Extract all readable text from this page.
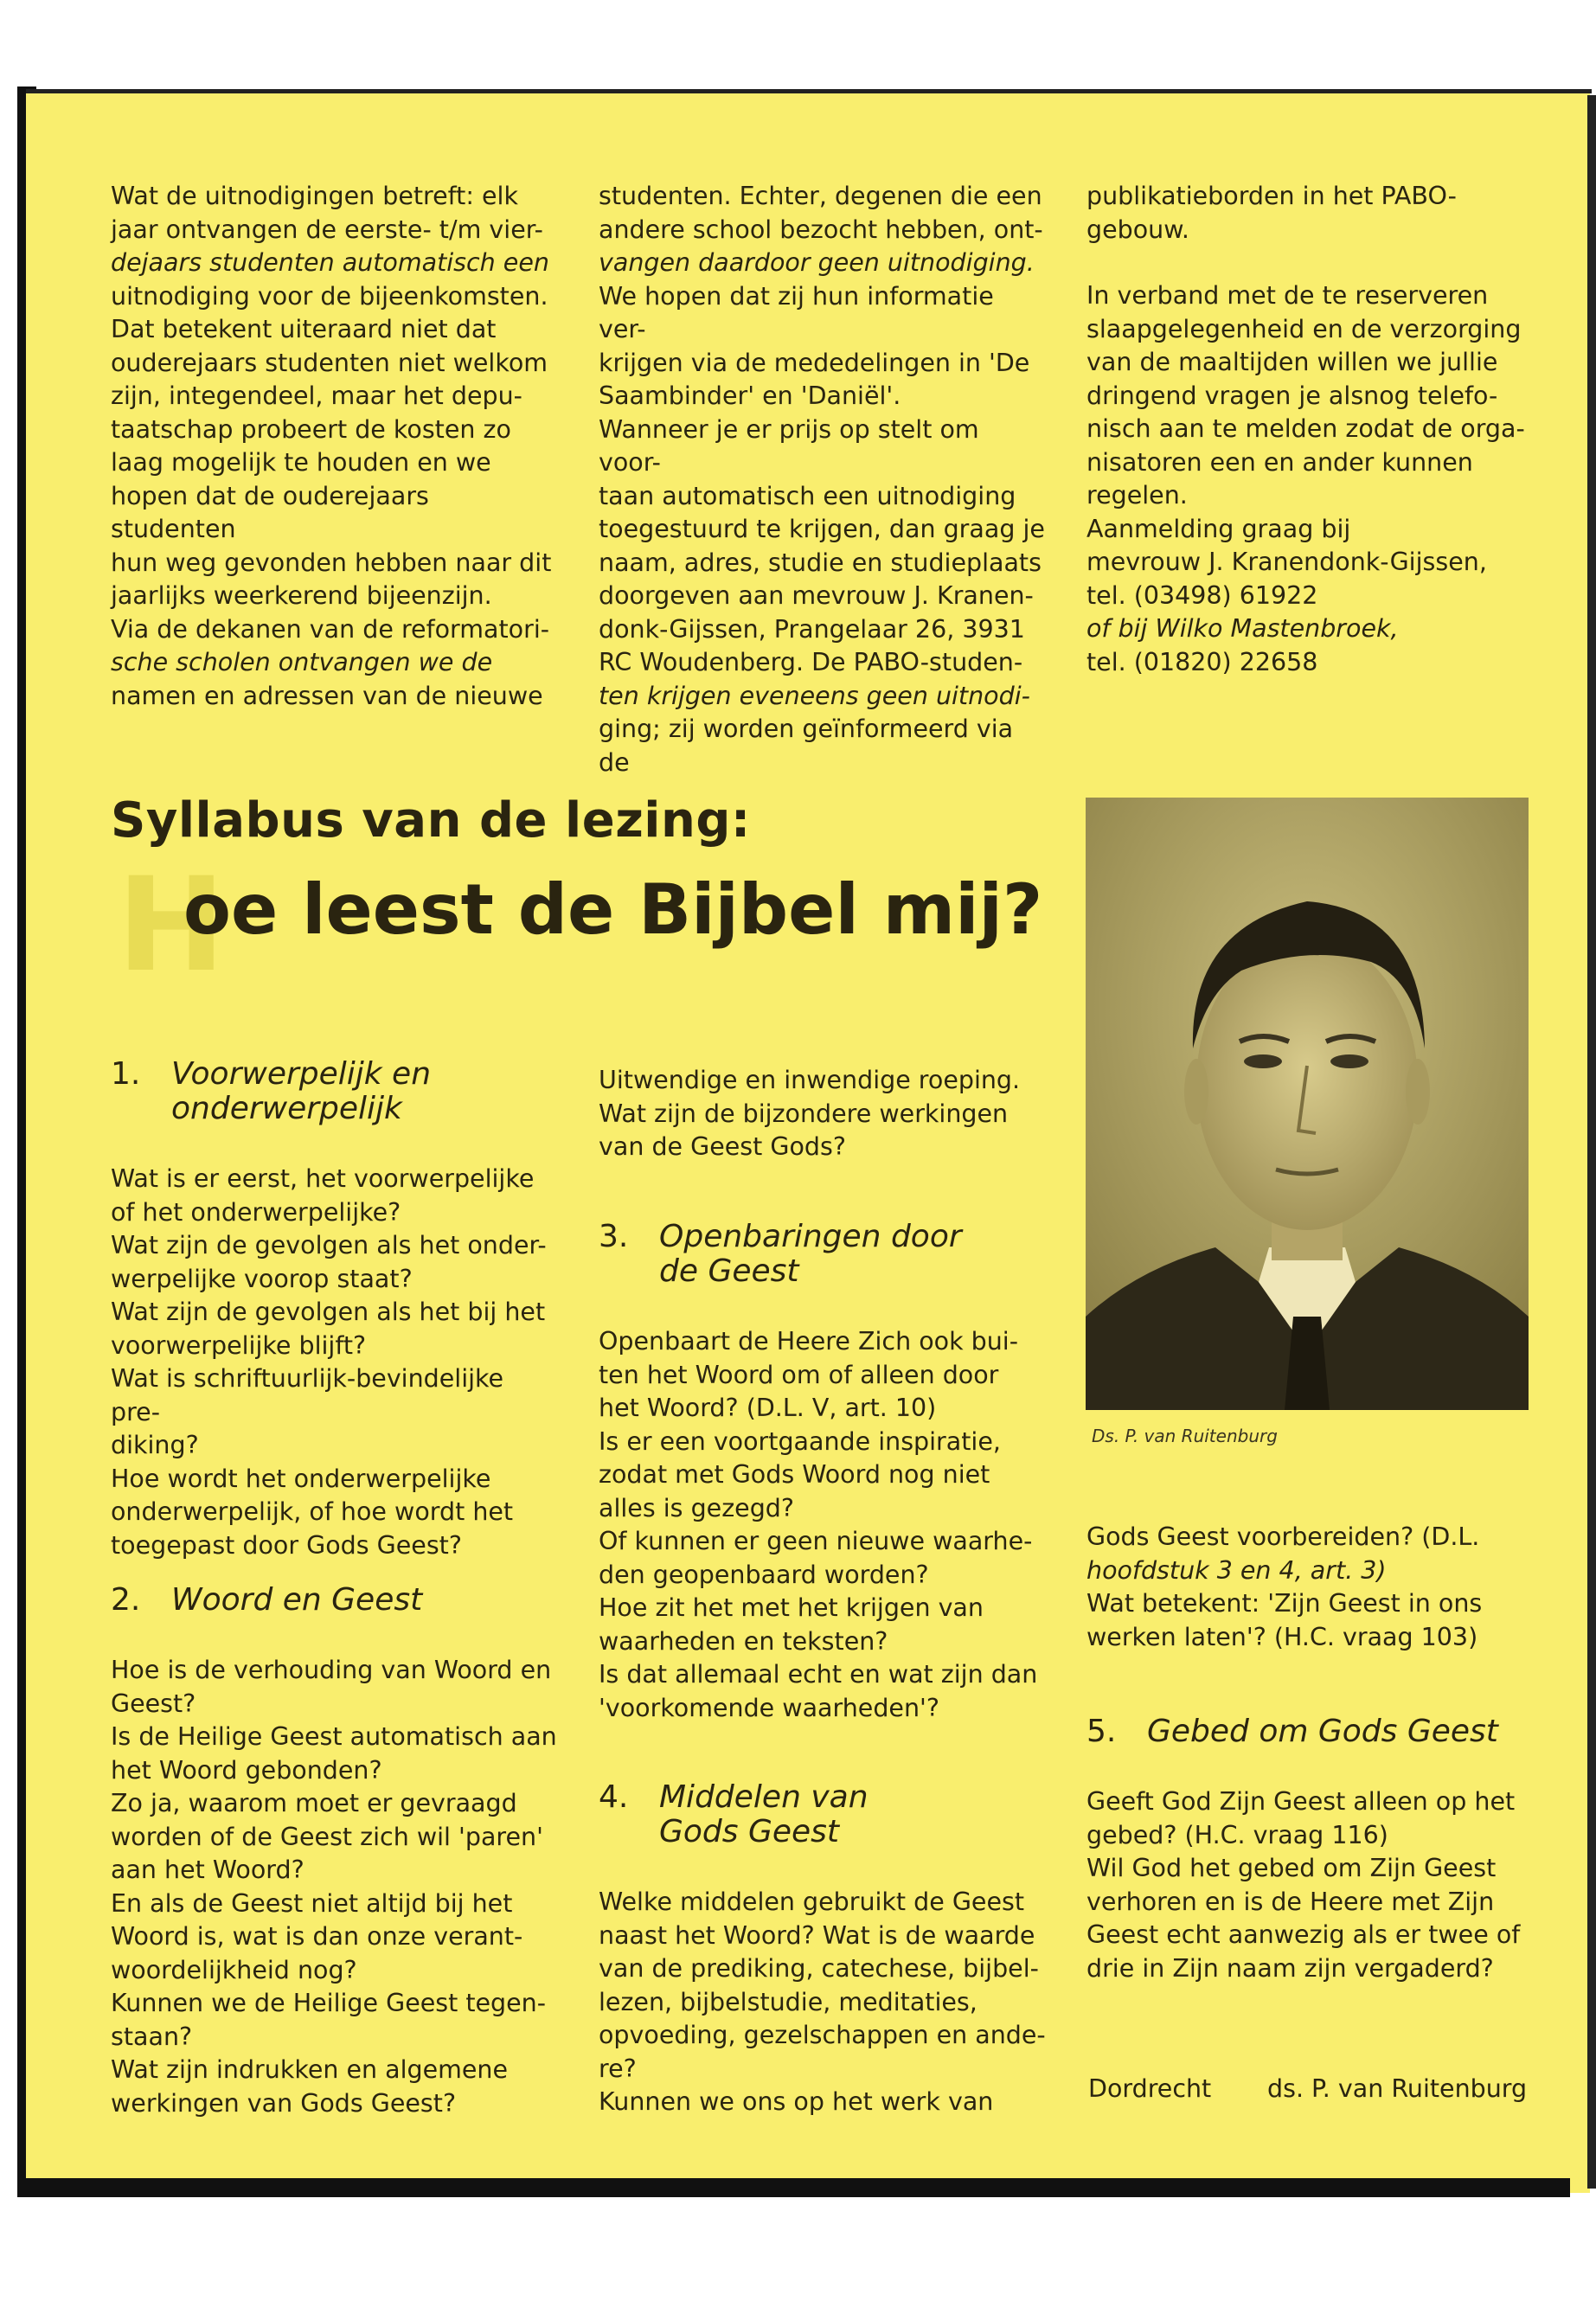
Wat de uitnodigingen betreft: elk

jaar ontvangen de eerste- t/m vier-

dejaars studenten automatisch een

uitnodiging voor de bijeenkomsten.

Dat betekent uiteraard niet dat

ouderejaars studenten niet welkom

zijn, integendeel, maar het depu-

taatschap probeert de kosten zo

laag mogelijk te houden en we

hopen dat de ouderejaars studenten

hun weg gevonden hebben naar dit

jaarlijks weerkerend bijeenzijn.

Via de dekanen van de reformatori-

sche scholen ontvangen we de

namen en adressen van de nieuwe

studenten. Echter, degenen die een

andere school bezocht hebben, ont-

vangen daardoor geen uitnodiging.

We hopen dat zij hun informatie ver-

krijgen via de mededelingen in 'De

Saambinder' en 'Daniël'.

Wanneer je er prijs op stelt om voor-

taan automatisch een uitnodiging

toegestuurd te krijgen, dan graag je

naam, adres, studie en studieplaats

doorgeven aan mevrouw J. Kranen-

donk-Gijssen, Prangelaar 26, 3931

RC Woudenberg. De PABO-studen-

ten krijgen eveneens geen uitnodi-

ging; zij worden geïnformeerd via de

publikatieborden in het PABO-

gebouw.

In verband met de te reserveren

slaapgelegenheid en de verzorging

van de maaltijden willen we jullie

dringend vragen je alsnog telefo-

nisch aan te melden zodat de orga-

nisatoren een en ander kunnen

regelen.

Aanmelding graag bij

mevrouw J. Kranendonk-Gijssen,

tel. (03498) 61922

of bij Wilko Mastenbroek,

tel. (01820) 22658

Syllabus van de lezing:
H
oe leest de Bijbel mij?
1. Voorwerpelijk en
onderwerpelijk
Wat is er eerst, het voorwerpelijke
of het onderwerpelijke?
Wat zijn de gevolgen als het onder-
werpelijke voorop staat?
Wat zijn de gevolgen als het bij het
voorwerpelijke blijft?
Wat is schriftuurlijk-bevindelijke pre-
diking?
Hoe wordt het onderwerpelijke
onderwerpelijk, of hoe wordt het
toegepast door Gods Geest?
2. Woord en Geest
Hoe is de verhouding van Woord en
Geest?
Is de Heilige Geest automatisch aan
het Woord gebonden?
Zo ja, waarom moet er gevraagd
worden of de Geest zich wil 'paren'
aan het Woord?
En als de Geest niet altijd bij het
Woord is, wat is dan onze verant-
woordelijkheid nog?
Kunnen we de Heilige Geest tegen-
staan?
Wat zijn indrukken en algemene
werkingen van Gods Geest?

Uitwendige en inwendige roeping.

Wat zijn de bijzondere werkingen

van de Geest Gods?

3. Openbaringen door
de Geest
Openbaart de Heere Zich ook bui-
ten het Woord om of alleen door
het Woord? (D.L. V, art. 10)
Is er een voortgaande inspiratie,
zodat met Gods Woord nog niet
alles is gezegd?
Of kunnen er geen nieuwe waarhe-
den geopenbaard worden?
Hoe zit het met het krijgen van
waarheden en teksten?
Is dat allemaal echt en wat zijn dan
'voorkomende waarheden'?
4. Middelen van
Gods Geest
Welke middelen gebruikt de Geest
naast het Woord? Wat is de waarde
van de prediking, catechese, bijbel-
lezen, bijbelstudie, meditaties,
opvoeding, gezelschappen en ande-
re?
Kunnen we ons op het werk van
Ds. P. van Ruitenburg

Gods Geest voorbereiden? (D.L.

hoofdstuk 3 en 4, art. 3)

Wat betekent: 'Zijn Geest in ons

werken laten'? (H.C. vraag 103)

5. Gebed om Gods Geest
Geeft God Zijn Geest alleen op het
gebed? (H.C. vraag 116)
Wil God het gebed om Zijn Geest
verhoren en is de Heere met Zijn
Geest echt aanwezig als er twee of
drie in Zijn naam zijn vergaderd?
Dordrecht ds. P. van Ruitenburg
